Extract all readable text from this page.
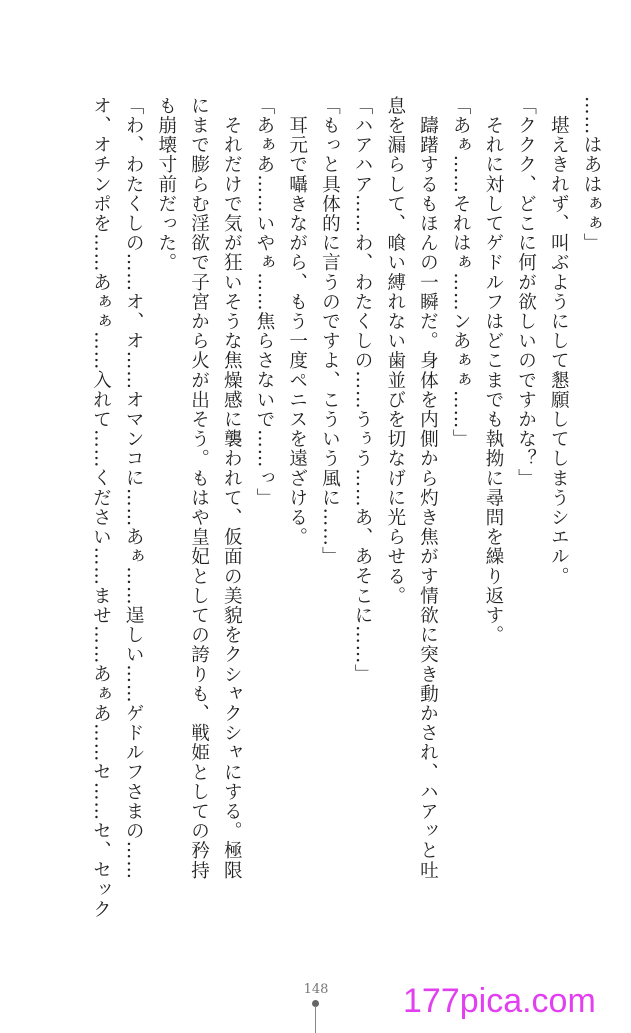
……はあはぁぁ」
　堪えきれず、叫ぶようにして懇願してしまうシエル。
「ククク、どこに何が欲しいのですかな？」
　それに対してゲドルフはどこまでも執拗に尋問を繰り返す。
「あぁ……それはぁ……ンあぁぁ……」
　躊躇するもほんの一瞬だ。身体を内側から灼き焦がす情欲に突き動かされ、ハアッと吐
息を漏らして、喰い縛れない歯並びを切なげに光らせる。
「ハアハア……わ、わたくしの……うぅう……あ、あそこに……」
「もっと具体的に言うのですよ、こういう風に……」
　耳元で囁きながら、もう一度ペニスを遠ざける。
「あぁあ……いやぁ……焦らさないで……っ」
　それだけで気が狂いそうな焦燥感に襲われて、仮面の美貌をクシャクシャにする。極限
にまで膨らむ淫欲で子宮から火が出そう。もはや皇妃としての誇りも、戦姫としての矜持
も崩壊寸前だった。
「わ、わたくしの……オ、オ……オマンコに……あぁ……逞しい……ゲドルフさまの……
オ、オチンポを……あぁぁ……入れて……ください……ませ……あぁあ……セ……セ、セック
148 177pica.com
